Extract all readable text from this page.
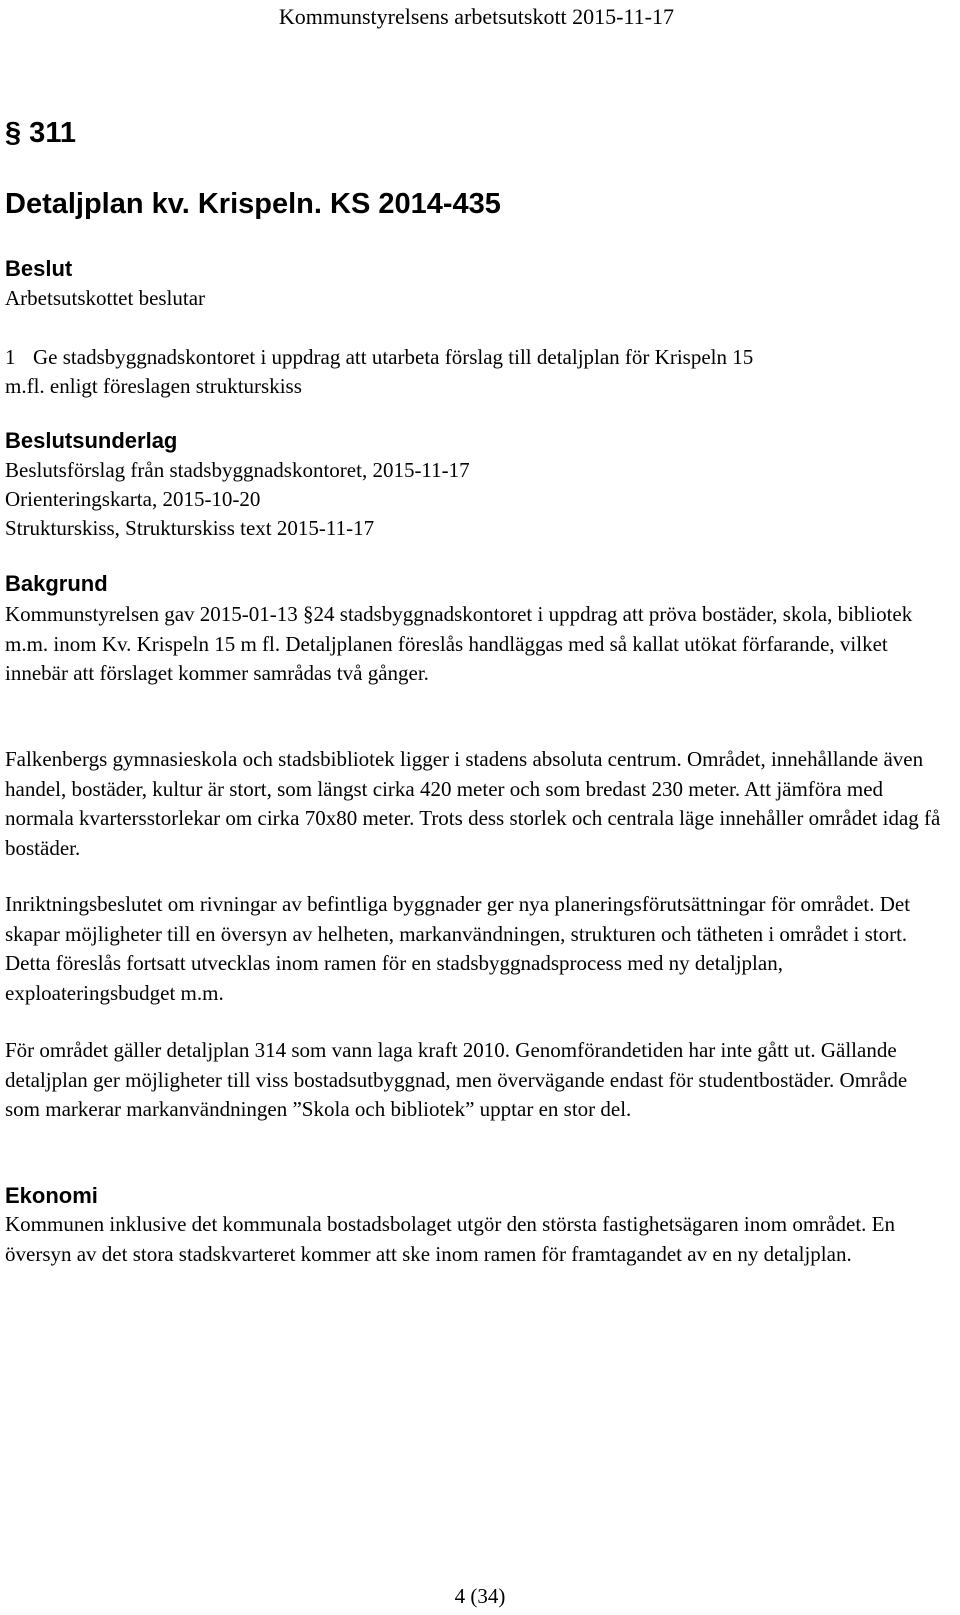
Kommunstyrelsens arbetsutskott 2015-11-17
§ 311
Detaljplan kv. Krispeln. KS 2014-435
Beslut
Arbetsutskottet beslutar
1 Ge stadsbyggnadskontoret i uppdrag att utarbeta förslag till detaljplan för Krispeln 15
m.fl. enligt föreslagen strukturskiss
Beslutsunderlag
Beslutsförslag från stadsbyggnadskontoret, 2015-11-17
Orienteringskarta, 2015-10-20
Strukturskiss, Strukturskiss text 2015-11-17
Bakgrund

Kommunstyrelsen gav 2015-01-13 §24 stadsbyggnadskontoret i uppdrag att pröva bostäder, skola, bibliotek m.m. inom Kv. Krispeln 15 m fl. Detaljplanen föreslås handläggas med så kallat utökat förfarande, vilket innebär att förslaget kommer samrådas två gånger.

Falkenbergs gymnasieskola och stadsbibliotek ligger i stadens absoluta centrum. Området, innehållande även handel, bostäder, kultur är stort, som längst cirka 420 meter och som bredast 230 meter. Att jämföra med normala kvartersstorlekar om cirka 70x80 meter. Trots dess storlek och centrala läge innehåller området idag få bostäder.

Inriktningsbeslutet om rivningar av befintliga byggnader ger nya planeringsförutsättningar för området. Det skapar möjligheter till en översyn av helheten, markanvändningen, strukturen och tätheten i området i stort. Detta föreslås fortsatt utvecklas inom ramen för en stadsbyggnadsprocess med ny detaljplan, exploateringsbudget m.m.

För området gäller detaljplan 314 som vann laga kraft 2010. Genomförandetiden har inte gått ut. Gällande detaljplan ger möjligheter till viss bostadsutbyggnad, men övervägande endast för studentbostäder. Område som markerar markanvändningen ”Skola och bibliotek” upptar en stor del.

Ekonomi

Kommunen inklusive det kommunala bostadsbolaget utgör den största fastighetsägaren inom området. En översyn av det stora stadskvarteret kommer att ske inom ramen för framtagandet av en ny detaljplan.

4 (34)
